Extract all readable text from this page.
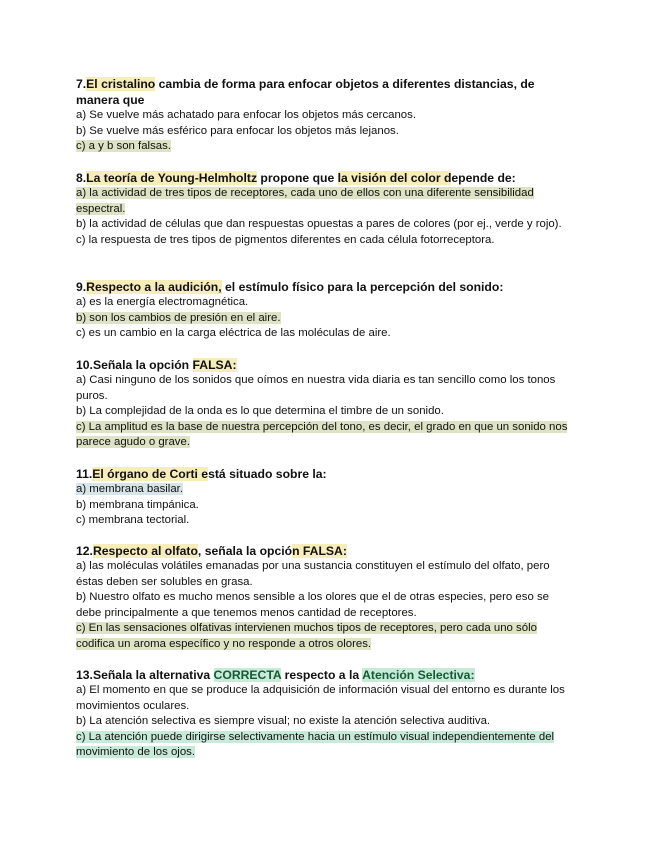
7.El cristalino cambia de forma para enfocar objetos a diferentes distancias, de manera que

a) Se vuelve más achatado para enfocar los objetos más cercanos.

b) Se vuelve más esférico para enfocar los objetos más lejanos.

c) a y b son falsas.

8.La teoría de Young-Helmholtz propone que la visión del color depende de:

a) la actividad de tres tipos de receptores, cada uno de ellos con una diferente sensibilidad espectral.

b) la actividad de células que dan respuestas opuestas a pares de colores (por ej., verde y rojo).

c) la respuesta de tres tipos de pigmentos diferentes en cada célula fotorreceptora.

9.Respecto a la audición, el estímulo físico para la percepción del sonido:

a) es la energía electromagnética.

b) son los cambios de presión en el aire.

c) es un cambio en la carga eléctrica de las moléculas de aire.

10.Señala la opción FALSA:

a) Casi ninguno de los sonidos que oímos en nuestra vida diaria es tan sencillo como los tonos puros.

b) La complejidad de la onda es lo que determina el timbre de un sonido.

c) La amplitud es la base de nuestra percepción del tono, es decir, el grado en que un sonido nos parece agudo o grave.

11.El órgano de Corti está situado sobre la:

a) membrana basilar.

b) membrana timpánica.

c) membrana tectorial.

12.Respecto al olfato, señala la opción FALSA:

a) las moléculas volátiles emanadas por una sustancia constituyen el estímulo del olfato, pero éstas deben ser solubles en grasa.

b) Nuestro olfato es mucho menos sensible a los olores que el de otras especies, pero eso se debe principalmente a que tenemos menos cantidad de receptores.

c) En las sensaciones olfativas intervienen muchos tipos de receptores, pero cada uno sólo codifica un aroma específico y no responde a otros olores.

13.Señala la alternativa CORRECTA respecto a la Atención Selectiva:

a) El momento en que se produce la adquisición de información visual del entorno es durante los movimientos oculares.

b) La atención selectiva es siempre visual; no existe la atención selectiva auditiva.

c) La atención puede dirigirse selectivamente hacia un estímulo visual independientemente del movimiento de los ojos.
